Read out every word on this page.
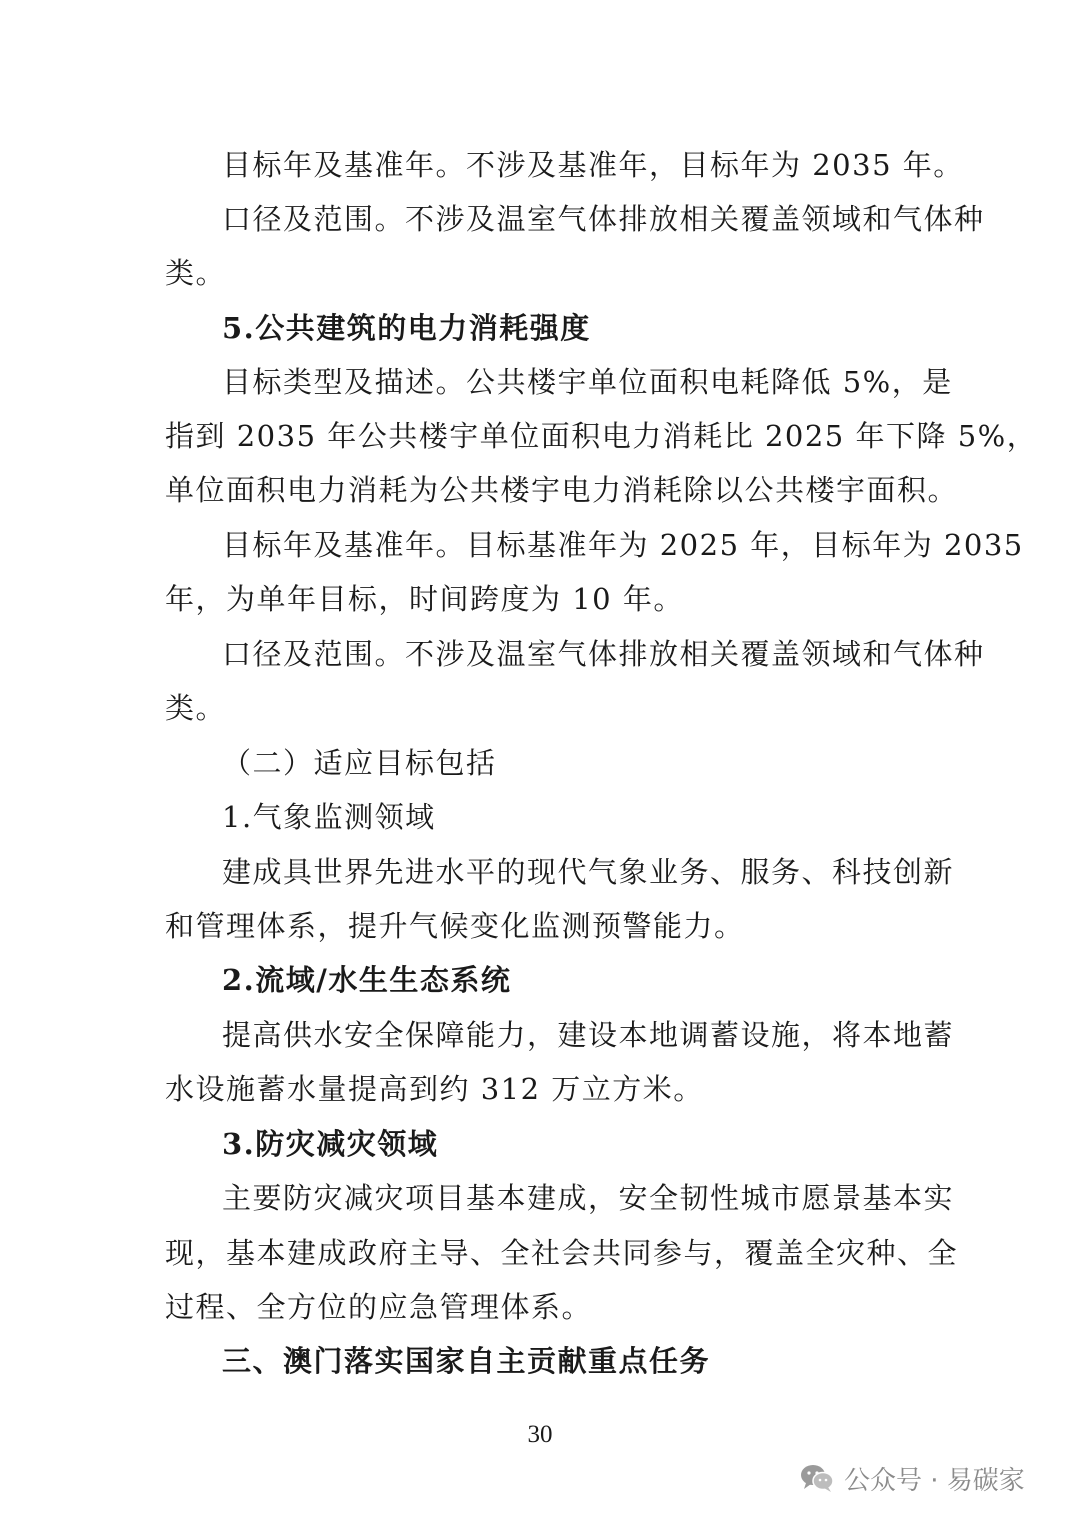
目标年及基准年。不涉及基准年，目标年为 2035 年。
口径及范围。不涉及温室气体排放相关覆盖领域和气体种
类。
5.公共建筑的电力消耗强度
目标类型及描述。公共楼宇单位面积电耗降低 5%，是
指到 2035 年公共楼宇单位面积电力消耗比 2025 年下降 5%，
单位面积电力消耗为公共楼宇电力消耗除以公共楼宇面积。
目标年及基准年。目标基准年为 2025 年，目标年为 2035
年，为单年目标，时间跨度为 10 年。
口径及范围。不涉及温室气体排放相关覆盖领域和气体种
类。
（二）适应目标包括
1.气象监测领域
建成具世界先进水平的现代气象业务、服务、科技创新
和管理体系，提升气候变化监测预警能力。
2.流域/水生生态系统
提高供水安全保障能力，建设本地调蓄设施，将本地蓄
水设施蓄水量提高到约 312 万立方米。
3.防灾减灾领域
主要防灾减灾项目基本建成，安全韧性城市愿景基本实
现，基本建成政府主导、全社会共同参与，覆盖全灾种、全
过程、全方位的应急管理体系。
三、澳门落实国家自主贡献重点任务
30
公众号 · 易碳家
